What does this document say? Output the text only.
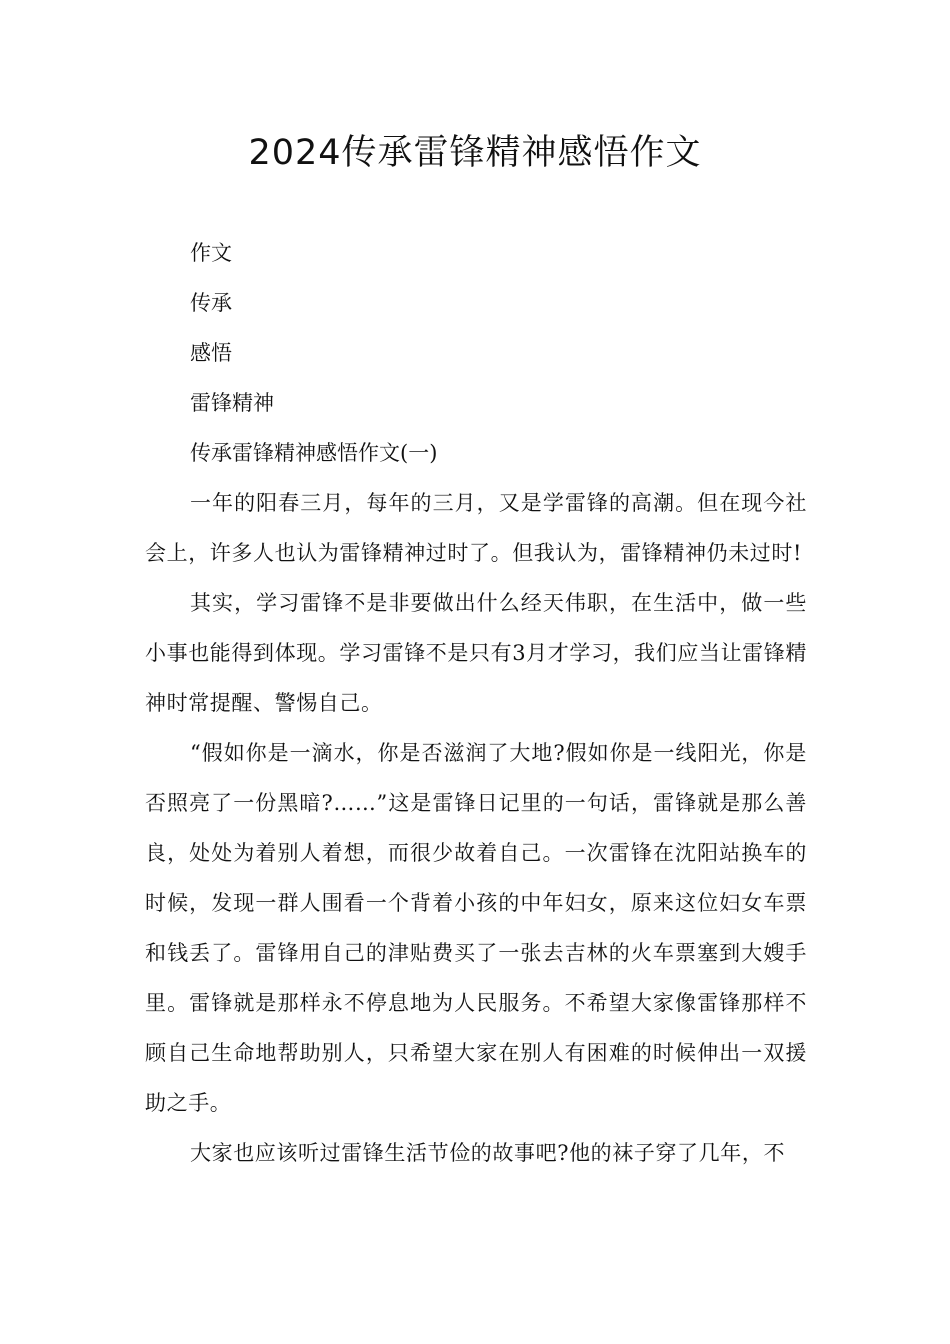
2024传承雷锋精神感悟作文

作文

传承

感悟

雷锋精神

传承雷锋精神感悟作文(一)

一年的阳春三月，每年的三月，又是学雷锋的高潮。但在现今社会上，许多人也认为雷锋精神过时了。但我认为，雷锋精神仍未过时!

其实，学习雷锋不是非要做出什么经天伟职，在生活中，做一些小事也能得到体现。学习雷锋不是只有3月才学习，我们应当让雷锋精神时常提醒、警惕自己。

“假如你是一滴水，你是否滋润了大地?假如你是一线阳光，你是否照亮了一份黑暗?……”这是雷锋日记里的一句话，雷锋就是那么善良，处处为着别人着想，而很少故着自己。一次雷锋在沈阳站换车的时候，发现一群人围看一个背着小孩的中年妇女，原来这位妇女车票和钱丢了。雷锋用自己的津贴费买了一张去吉林的火车票塞到大嫂手里。雷锋就是那样永不停息地为人民服务。不希望大家像雷锋那样不顾自己生命地帮助别人，只希望大家在别人有困难的时候伸出一双援助之手。

大家也应该听过雷锋生活节俭的故事吧?他的袜子穿了几年，不
